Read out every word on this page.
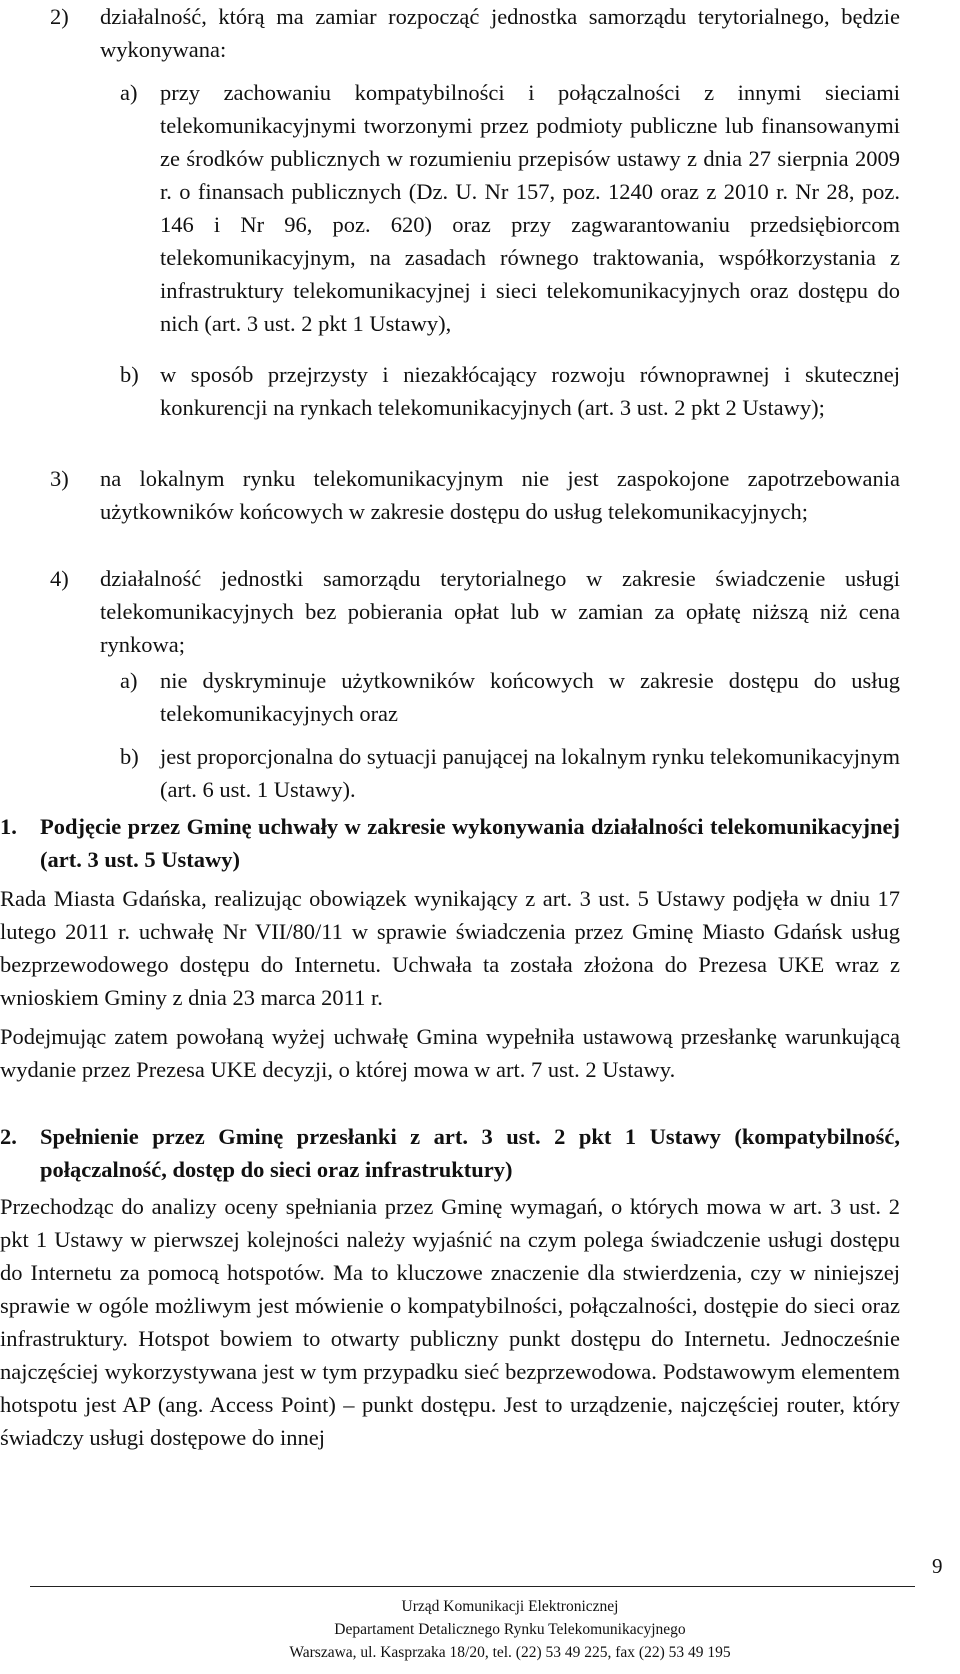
2) działalność, którą ma zamiar rozpocząć jednostka samorządu terytorialnego, będzie wykonywana:
a) przy zachowaniu kompatybilności i połączalności z innymi sieciami telekomunikacyjnymi tworzonymi przez podmioty publiczne lub finansowanymi ze środków publicznych w rozumieniu przepisów ustawy z dnia 27 sierpnia 2009 r. o finansach publicznych (Dz. U. Nr 157, poz. 1240 oraz z 2010 r. Nr 28, poz. 146 i Nr 96, poz. 620) oraz przy zagwarantowaniu przedsiębiorcom telekomunikacyjnym, na zasadach równego traktowania, współkorzystania z infrastruktury telekomunikacyjnej i sieci telekomunikacyjnych oraz dostępu do nich (art. 3 ust. 2 pkt 1 Ustawy),
b) w sposób przejrzysty i niezakłócający rozwoju równoprawnej i skutecznej konkurencji na rynkach telekomunikacyjnych (art. 3 ust. 2 pkt 2 Ustawy);
3) na lokalnym rynku telekomunikacyjnym nie jest zaspokojone zapotrzebowania użytkowników końcowych w zakresie dostępu do usług telekomunikacyjnych;
4) działalność jednostki samorządu terytorialnego w zakresie świadczenie usługi telekomunikacyjnych bez pobierania opłat lub w zamian za opłatę niższą niż cena rynkowa;
a) nie dyskryminuje użytkowników końcowych w zakresie dostępu do usług telekomunikacyjnych oraz
b) jest proporcjonalna do sytuacji panującej na lokalnym rynku telekomunikacyjnym (art. 6 ust. 1 Ustawy).
1. Podjęcie przez Gminę uchwały w zakresie wykonywania działalności telekomunikacyjnej (art. 3 ust. 5 Ustawy)
Rada Miasta Gdańska, realizując obowiązek wynikający z art. 3 ust. 5 Ustawy podjęła w dniu 17 lutego 2011 r. uchwałę Nr VII/80/11 w sprawie świadczenia przez Gminę Miasto Gdańsk usług bezprzewodowego dostępu do Internetu. Uchwała ta została złożona do Prezesa UKE wraz z wnioskiem Gminy z dnia 23 marca 2011 r.
Podejmując zatem powołaną wyżej uchwałę Gmina wypełniła ustawową przesłankę warunkującą wydanie przez Prezesa UKE decyzji, o której mowa w art. 7 ust. 2 Ustawy.
2. Spełnienie przez Gminę przesłanki z art. 3 ust. 2 pkt 1 Ustawy (kompatybilność, połączalność, dostęp do sieci oraz infrastruktury)
Przechodząc do analizy oceny spełniania przez Gminę wymagań, o których mowa w art. 3 ust. 2 pkt 1 Ustawy w pierwszej kolejności należy wyjaśnić na czym polega świadczenie usługi dostępu do Internetu za pomocą hotspotów. Ma to kluczowe znaczenie dla stwierdzenia, czy w niniejszej sprawie w ogóle możliwym jest mówienie o kompatybilności, połączalności, dostępie do sieci oraz infrastruktury. Hotspot bowiem to otwarty publiczny punkt dostępu do Internetu. Jednocześnie najczęściej wykorzystywana jest w tym przypadku sieć bezprzewodowa. Podstawowym elementem hotspotu jest AP (ang. Access Point) – punkt dostępu. Jest to urządzenie, najczęściej router, który świadczy usługi dostępowe do innej
9
Urząd Komunikacji Elektronicznej
Departament Detalicznego Rynku Telekomunikacyjnego
Warszawa, ul. Kasprzaka 18/20, tel. (22) 53 49 225, fax (22) 53 49 195
